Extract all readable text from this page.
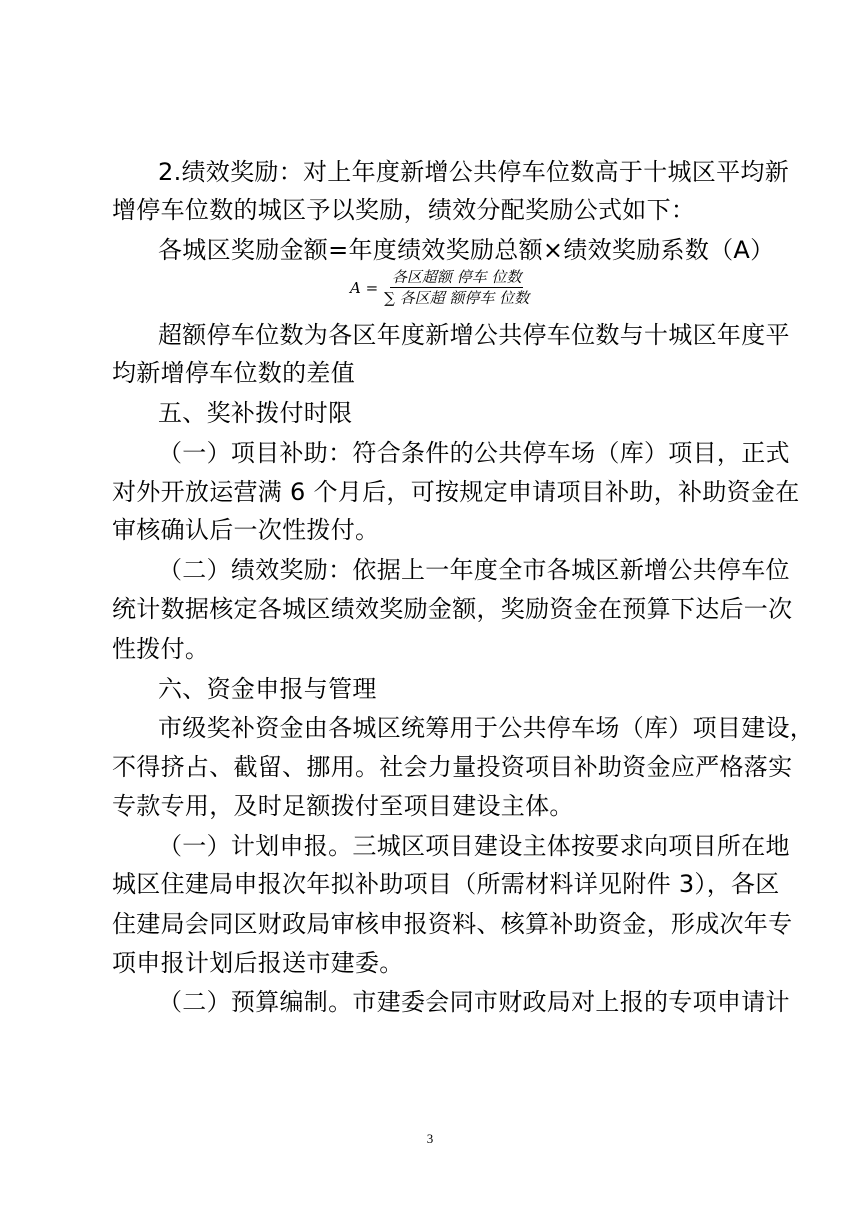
2.绩效奖励：对上年度新增公共停车位数高于十城区平均新
增停车位数的城区予以奖励，绩效分配奖励公式如下：
各城区奖励金额=年度绩效奖励总额×绩效奖励系数（A）
$A = \frac{\text{各区超额 停车 位数}}{\text{∑ 各区超 额停车 位数}}$
超额停车位数为各区年度新增公共停车位数与十城区年度平
均新增停车位数的差值
五、奖补拨付时限
（一）项目补助：符合条件的公共停车场（库）项目，正式
对外开放运营满 6 个月后，可按规定申请项目补助，补助资金在
审核确认后一次性拨付。
（二）绩效奖励：依据上一年度全市各城区新增公共停车位
统计数据核定各城区绩效奖励金额，奖励资金在预算下达后一次
性拨付。
六、资金申报与管理
市级奖补资金由各城区统筹用于公共停车场（库）项目建设，
不得挤占、截留、挪用。社会力量投资项目补助资金应严格落实
专款专用，及时足额拨付至项目建设主体。
（一）计划申报。三城区项目建设主体按要求向项目所在地
城区住建局申报次年拟补助项目（所需材料详见附件 3），各区
住建局会同区财政局审核申报资料、核算补助资金，形成次年专
项申报计划后报送市建委。
（二）预算编制。市建委会同市财政局对上报的专项申请计
3
